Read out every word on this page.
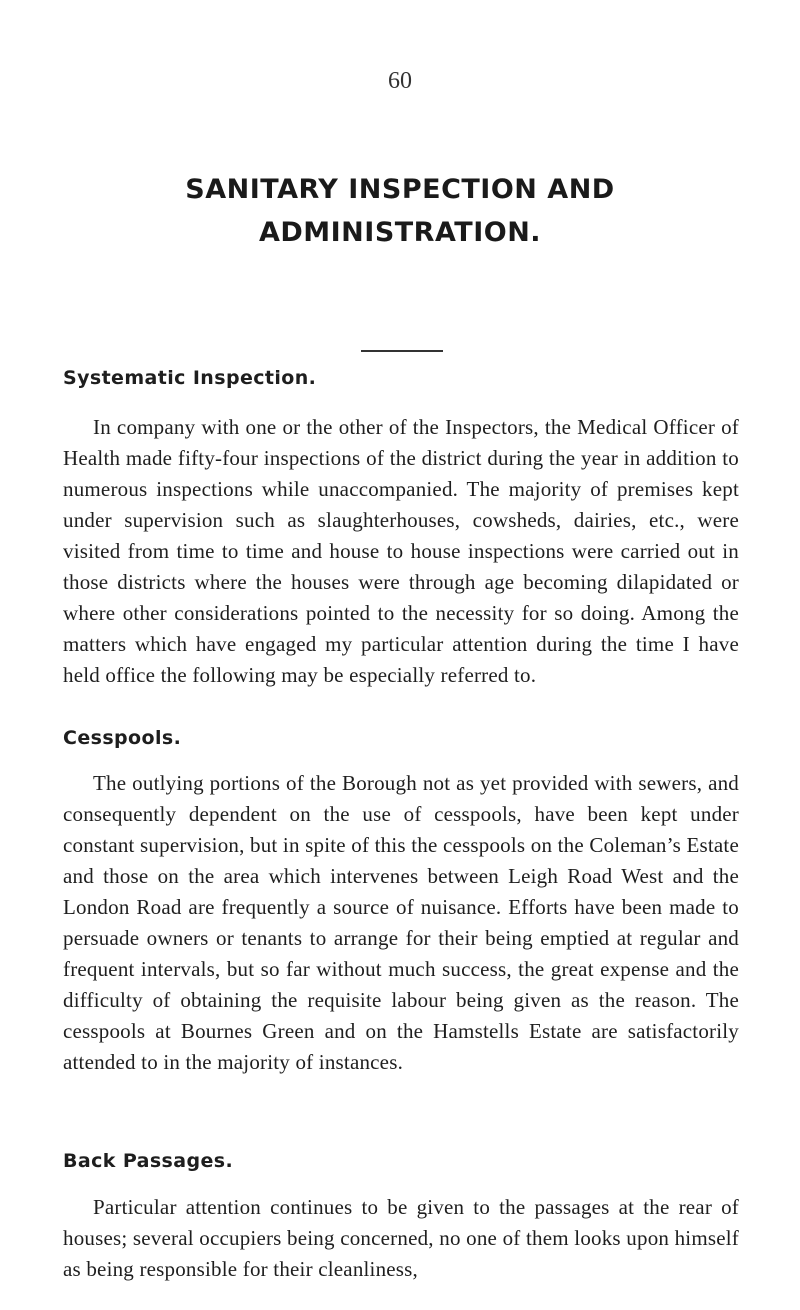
60
SANITARY INSPECTION AND ADMINISTRATION.
Systematic Inspection.
In company with one or the other of the Inspectors, the Medical Officer of Health made fifty-four inspections of the district during the year in addition to numerous inspections while unaccompanied. The majority of premises kept under supervision such as slaughterhouses, cowsheds, dairies, etc., were visited from time to time and house to house inspections were carried out in those districts where the houses were through age becoming dilapidated or where other considerations pointed to the necessity for so doing. Among the matters which have engaged my particular attention during the time I have held office the following may be especially referred to.
Cesspools.
The outlying portions of the Borough not as yet provided with sewers, and consequently dependent on the use of cesspools, have been kept under constant supervision, but in spite of this the cesspools on the Coleman’s Estate and those on the area which intervenes between Leigh Road West and the London Road are frequently a source of nuisance. Efforts have been made to persuade owners or tenants to arrange for their being emptied at regular and frequent intervals, but so far without much success, the great expense and the difficulty of obtaining the requisite labour being given as the reason. The cesspools at Bournes Green and on the Hamstells Estate are satisfactorily attended to in the majority of instances.
Back Passages.
Particular attention continues to be given to the passages at the rear of houses; several occupiers being concerned, no one of them looks upon himself as being responsible for their cleanliness,
